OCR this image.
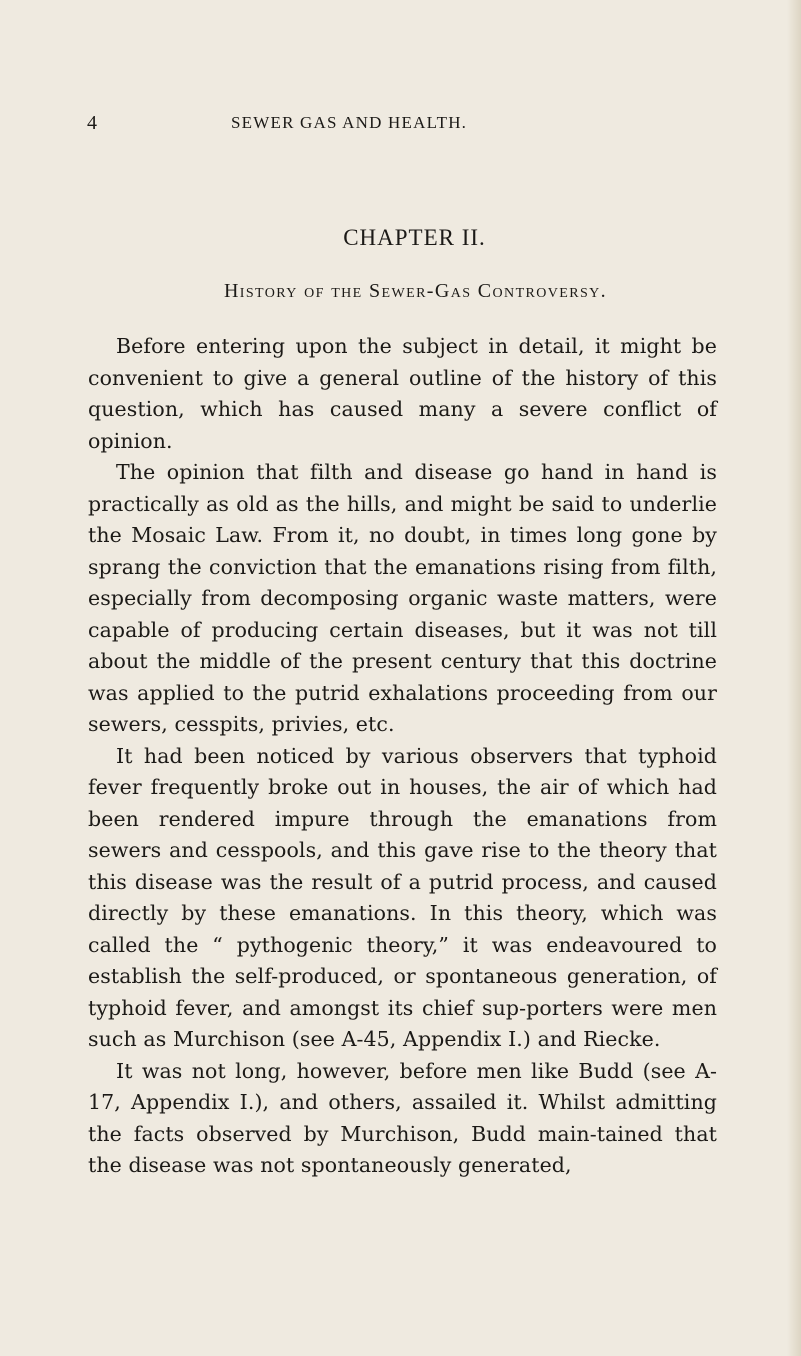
4	SEWER GAS AND HEALTH.
CHAPTER II.
History of the Sewer-Gas Controversy.

Before entering upon the subject in detail, it might be convenient to give a general outline of the history of this question, which has caused many a severe conflict of opinion.

The opinion that filth and disease go hand in hand is practically as old as the hills, and might be said to underlie the Mosaic Law. From it, no doubt, in times long gone by sprang the conviction that the emanations rising from filth, especially from decomposing organic waste matters, were capable of producing certain diseases, but it was not till about the middle of the present century that this doctrine was applied to the putrid exhalations proceeding from our sewers, cesspits, privies, etc.

It had been noticed by various observers that typhoid fever frequently broke out in houses, the air of which had been rendered impure through the emanations from sewers and cesspools, and this gave rise to the theory that this disease was the result of a putrid process, and caused directly by these emanations. In this theory, which was called the “ pythogenic theory,” it was endeavoured to establish the self-produced, or spontaneous generation, of typhoid fever, and amongst its chief sup-porters were men such as Murchison (see A-45, Appendix I.) and Riecke.

It was not long, however, before men like Budd (see A-17, Appendix I.), and others, assailed it. Whilst admitting the facts observed by Murchison, Budd main-tained that the disease was not spontaneously generated,
